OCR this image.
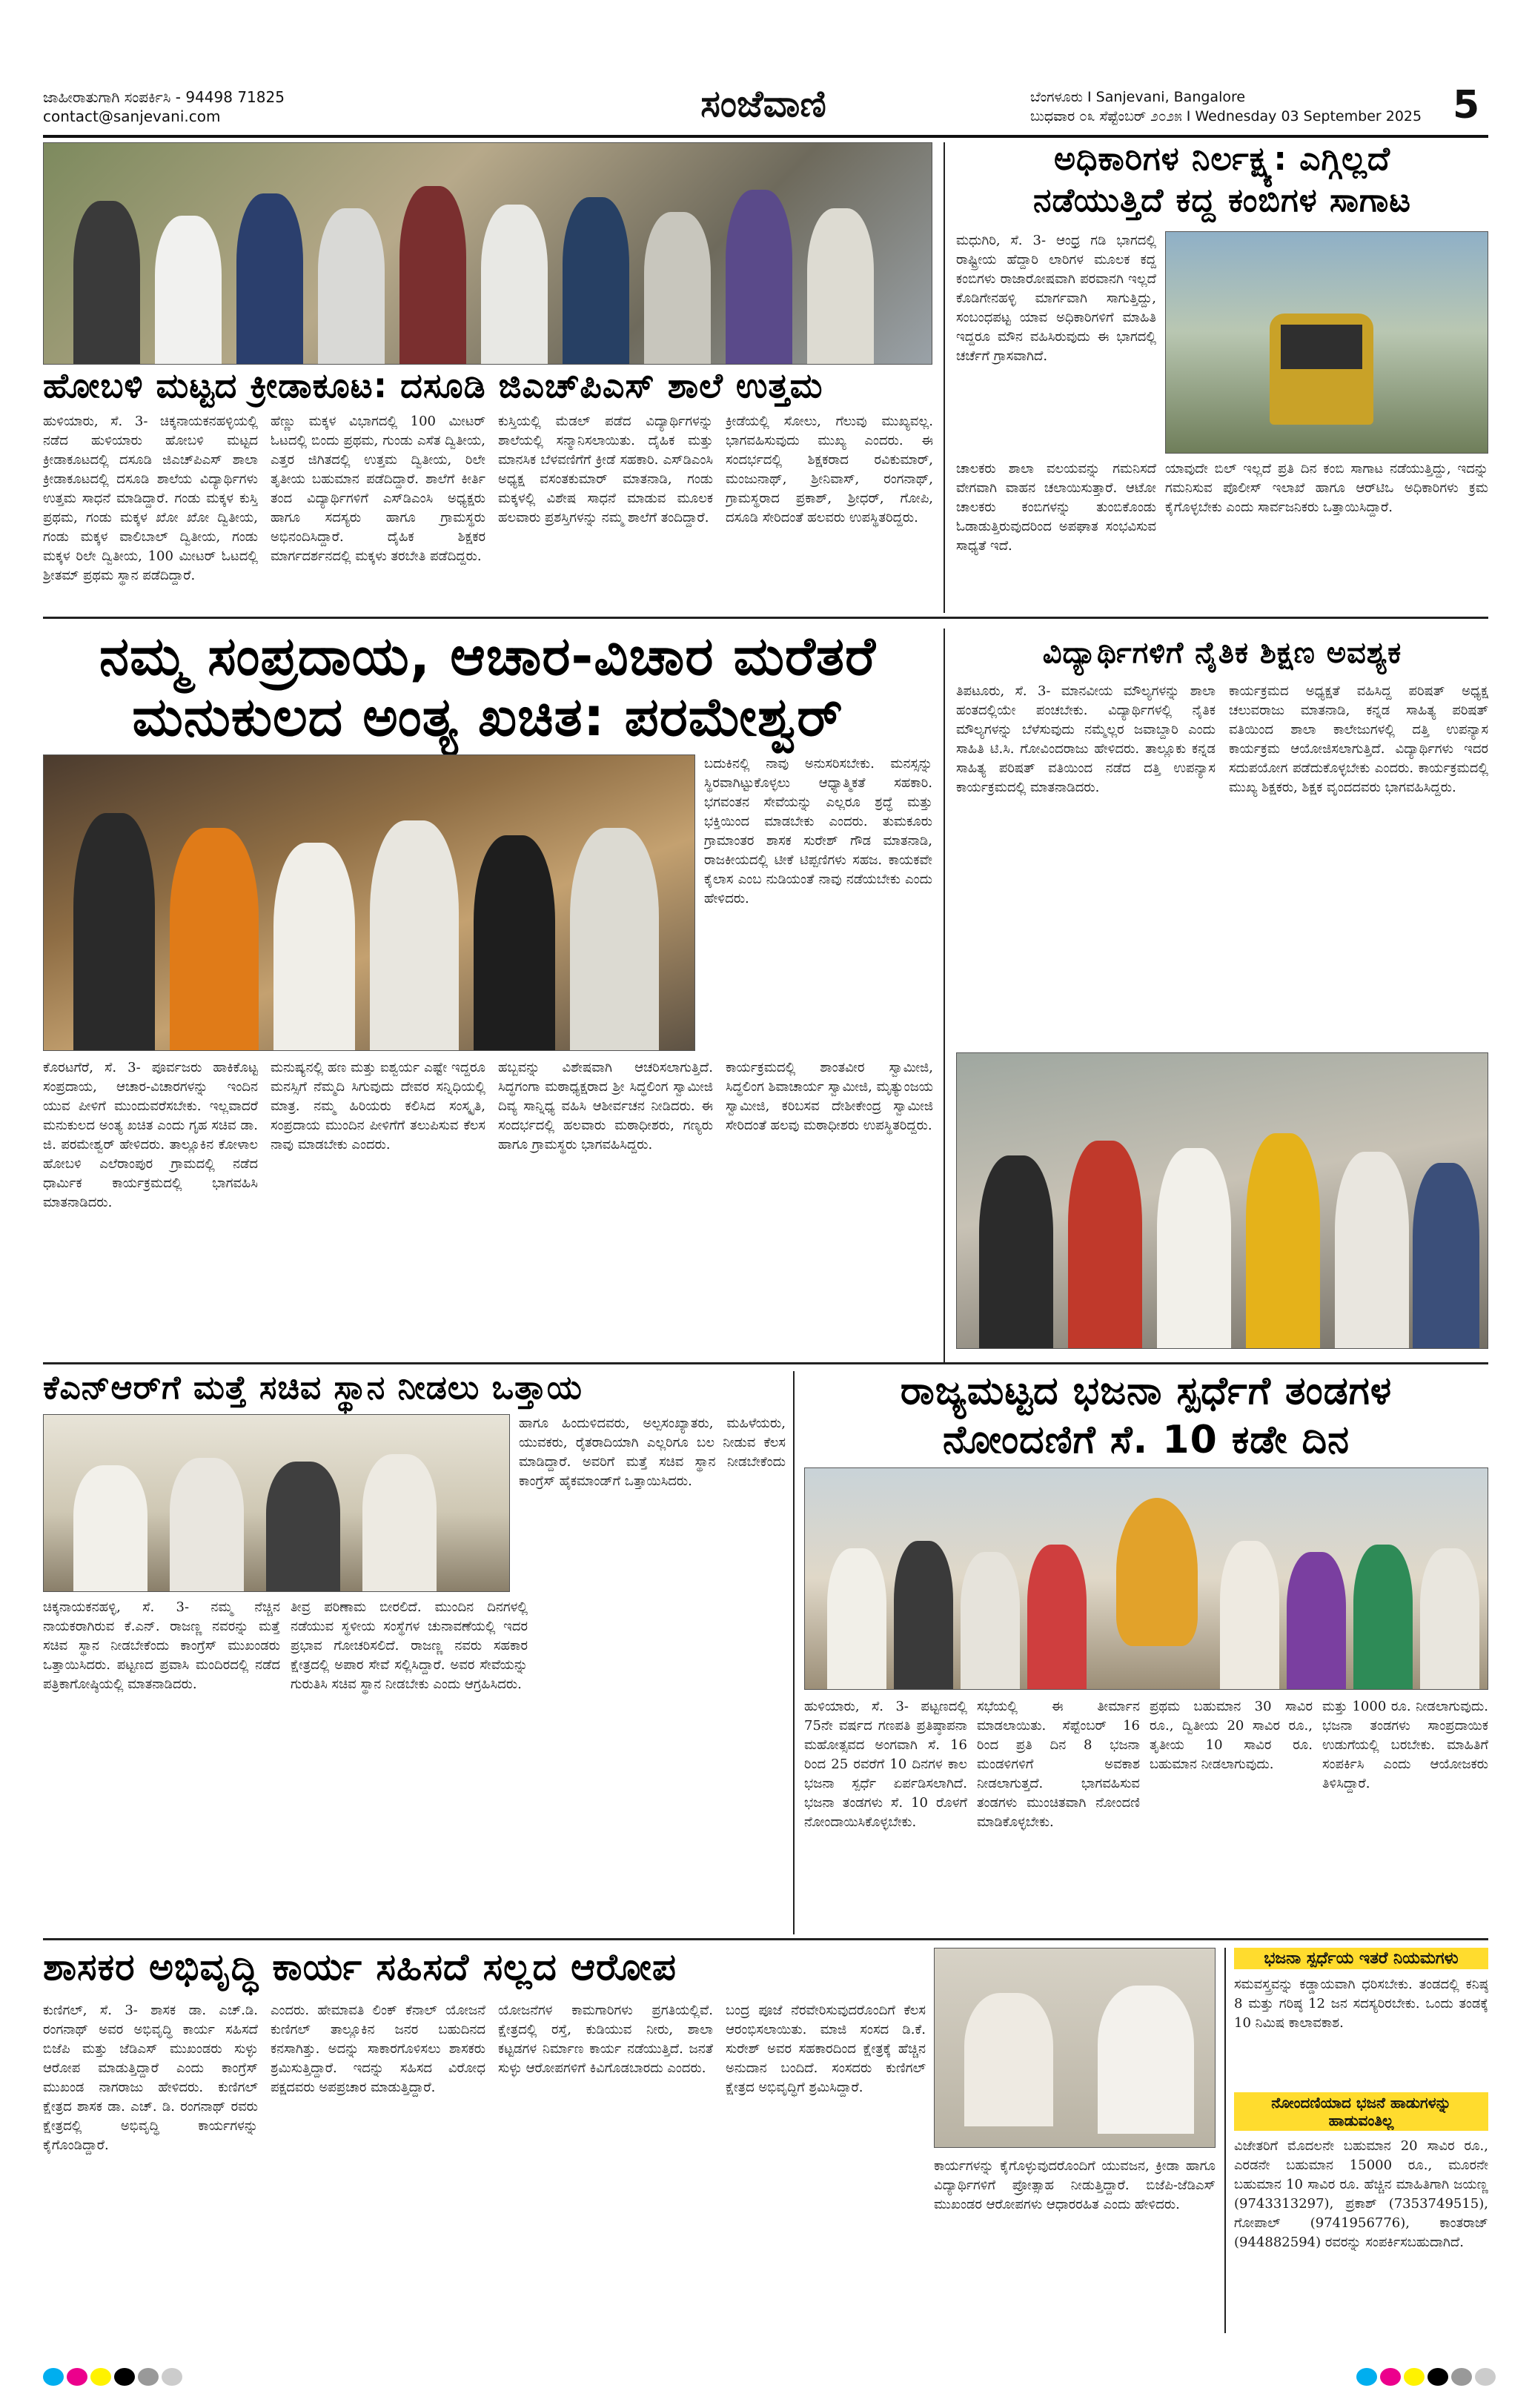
ಜಾಹೀರಾತುಗಾಗಿ ಸಂಪರ್ಕಿಸಿ - 94498 71825
contact@sanjevani.com	ಸಂಜೆವಾಣಿ	ಬೆಂಗಳೂರು I Sanjevani, Bangalore
ಬುಧವಾರ ೦೩ ಸೆಪ್ಟೆಂಬರ್ ೨೦೨೫ I Wednesday 03 September 2025 5
ಹೋಬಳಿ ಮಟ್ಟದ ಕ್ರೀಡಾಕೂಟ: ದಸೂಡಿ ಜಿಎಚ್‌ಪಿಎಸ್ ಶಾಲೆ ಉತ್ತಮ
ಹುಳಿಯಾರು, ಸೆ. 3- ಚಿಕ್ಕನಾಯಕನಹಳ್ಳಿಯಲ್ಲಿ ನಡೆದ ಹುಳಿಯಾರು ಹೋಬಳಿ ಮಟ್ಟದ ಕ್ರೀಡಾಕೂಟದಲ್ಲಿ ದಸೂಡಿ ಜಿಎಚ್‌ಪಿಎಸ್ ಶಾಲಾ ಕ್ರೀಡಾಕೂಟದಲ್ಲಿ ದಸೂಡಿ ಶಾಲೆಯ ವಿದ್ಯಾರ್ಥಿಗಳು ಉತ್ತಮ ಸಾಧನೆ ಮಾಡಿದ್ದಾರೆ. ಗಂಡು ಮಕ್ಕಳ ಕುಸ್ತಿ ಪ್ರಥಮ, ಗಂಡು ಮಕ್ಕಳ ಖೋ ಖೋ ದ್ವಿತೀಯ, ಗಂಡು ಮಕ್ಕಳ ವಾಲಿಬಾಲ್ ದ್ವಿತೀಯ, ಗಂಡು ಮಕ್ಕಳ ರಿಲೇ ದ್ವಿತೀಯ, 100 ಮೀಟರ್ ಓಟದಲ್ಲಿ ಶ್ರೀತಮ್ ಪ್ರಥಮ ಸ್ಥಾನ ಪಡೆದಿದ್ದಾರೆ.
ಹೆಣ್ಣು ಮಕ್ಕಳ ವಿಭಾಗದಲ್ಲಿ 100 ಮೀಟರ್ ಓಟದಲ್ಲಿ ಬಿಂದು ಪ್ರಥಮ, ಗುಂಡು ಎಸೆತ ದ್ವಿತೀಯ, ಎತ್ತರ ಜಿಗಿತದಲ್ಲಿ ಉತ್ತಮ ದ್ವಿತೀಯ, ರಿಲೇ ತೃತೀಯ ಬಹುಮಾನ ಪಡೆದಿದ್ದಾರೆ. ಶಾಲೆಗೆ ಕೀರ್ತಿ ತಂದ ವಿದ್ಯಾರ್ಥಿಗಳಿಗೆ ಎಸ್‌ಡಿಎಂಸಿ ಅಧ್ಯಕ್ಷರು ಹಾಗೂ ಸದಸ್ಯರು ಹಾಗೂ ಗ್ರಾಮಸ್ಥರು ಅಭಿನಂದಿಸಿದ್ದಾರೆ. ದೈಹಿಕ ಶಿಕ್ಷಕರ ಮಾರ್ಗದರ್ಶನದಲ್ಲಿ ಮಕ್ಕಳು ತರಬೇತಿ ಪಡೆದಿದ್ದರು.
ಕುಸ್ತಿಯಲ್ಲಿ ಮೆಡಲ್ ಪಡೆದ ವಿದ್ಯಾರ್ಥಿಗಳನ್ನು ಶಾಲೆಯಲ್ಲಿ ಸನ್ಮಾನಿಸಲಾಯಿತು. ದೈಹಿಕ ಮತ್ತು ಮಾನಸಿಕ ಬೆಳವಣಿಗೆಗೆ ಕ್ರೀಡೆ ಸಹಕಾರಿ. ಎಸ್‌ಡಿಎಂಸಿ ಅಧ್ಯಕ್ಷ ವಸಂತಕುಮಾರ್ ಮಾತನಾಡಿ, ಗಂಡು ಮಕ್ಕಳಲ್ಲಿ ವಿಶೇಷ ಸಾಧನೆ ಮಾಡುವ ಮೂಲಕ ಹಲವಾರು ಪ್ರಶಸ್ತಿಗಳನ್ನು ನಮ್ಮ ಶಾಲೆಗೆ ತಂದಿದ್ದಾರೆ.
ಕ್ರೀಡೆಯಲ್ಲಿ ಸೋಲು, ಗೆಲುವು ಮುಖ್ಯವಲ್ಲ. ಭಾಗವಹಿಸುವುದು ಮುಖ್ಯ ಎಂದರು. ಈ ಸಂದರ್ಭದಲ್ಲಿ ಶಿಕ್ಷಕರಾದ ರವಿಕುಮಾರ್, ಮಂಜುನಾಥ್, ಶ್ರೀನಿವಾಸ್, ರಂಗನಾಥ್, ಗ್ರಾಮಸ್ಥರಾದ ಪ್ರಕಾಶ್, ಶ್ರೀಧರ್, ಗೋಪಿ, ದಸೂಡಿ ಸೇರಿದಂತೆ ಹಲವರು ಉಪಸ್ಥಿತರಿದ್ದರು.
ಅಧಿಕಾರಿಗಳ ನಿರ್ಲಕ್ಷ್ಯ: ಎಗ್ಗಿಲ್ಲದೆ
ನಡೆಯುತ್ತಿದೆ ಕದ್ದ ಕಂಬಿಗಳ ಸಾಗಾಟ
ಮಧುಗಿರಿ, ಸೆ. 3- ಆಂಧ್ರ ಗಡಿ ಭಾಗದಲ್ಲಿ ರಾಷ್ಟ್ರೀಯ ಹೆದ್ದಾರಿ ಲಾರಿಗಳ ಮೂಲಕ ಕದ್ದ ಕಂಬಿಗಳು ರಾಜಾರೋಷವಾಗಿ ಪರವಾನಗಿ ಇಲ್ಲದೆ ಕೊಡಿಗೇನಹಳ್ಳಿ ಮಾರ್ಗವಾಗಿ ಸಾಗುತ್ತಿದ್ದು, ಸಂಬಂಧಪಟ್ಟ ಯಾವ ಅಧಿಕಾರಿಗಳಿಗೆ ಮಾಹಿತಿ ಇದ್ದರೂ ಮೌನ ವಹಿಸಿರುವುದು ಈ ಭಾಗದಲ್ಲಿ ಚರ್ಚೆಗೆ ಗ್ರಾಸವಾಗಿದೆ.
ಚಾಲಕರು ಶಾಲಾ ವಲಯವನ್ನು ಗಮನಿಸದೆ ವೇಗವಾಗಿ ವಾಹನ ಚಲಾಯಿಸುತ್ತಾರೆ. ಆಟೋ ಚಾಲಕರು ಕಂಬಿಗಳನ್ನು ತುಂಬಿಕೊಂಡು ಓಡಾಡುತ್ತಿರುವುದರಿಂದ ಅಪಘಾತ ಸಂಭವಿಸುವ ಸಾಧ್ಯತೆ ಇದೆ.
ಯಾವುದೇ ಬಿಲ್ ಇಲ್ಲದೆ ಪ್ರತಿ ದಿನ ಕಂಬಿ ಸಾಗಾಟ ನಡೆಯುತ್ತಿದ್ದು, ಇದನ್ನು ಗಮನಿಸುವ ಪೊಲೀಸ್ ಇಲಾಖೆ ಹಾಗೂ ಆರ್‌ಟಿಒ ಅಧಿಕಾರಿಗಳು ಕ್ರಮ ಕೈಗೊಳ್ಳಬೇಕು ಎಂದು ಸಾರ್ವಜನಿಕರು ಒತ್ತಾಯಿಸಿದ್ದಾರೆ.
ನಮ್ಮ ಸಂಪ್ರದಾಯ, ಆಚಾರ-ವಿಚಾರ ಮರೆತರೆ
ಮನುಕುಲದ ಅಂತ್ಯ ಖಚಿತ: ಪರಮೇಶ್ವರ್
ಬದುಕಿನಲ್ಲಿ ನಾವು ಅನುಸರಿಸಬೇಕು. ಮನಸ್ಸನ್ನು ಸ್ಥಿರವಾಗಿಟ್ಟುಕೊಳ್ಳಲು ಆಧ್ಯಾತ್ಮಿಕತೆ ಸಹಕಾರಿ. ಭಗವಂತನ ಸೇವೆಯನ್ನು ಎಲ್ಲರೂ ಶ್ರದ್ಧೆ ಮತ್ತು ಭಕ್ತಿಯಿಂದ ಮಾಡಬೇಕು ಎಂದರು. ತುಮಕೂರು ಗ್ರಾಮಾಂತರ ಶಾಸಕ ಸುರೇಶ್ ಗೌಡ ಮಾತನಾಡಿ, ರಾಜಕೀಯದಲ್ಲಿ ಟೀಕೆ ಟಿಪ್ಪಣಿಗಳು ಸಹಜ. ಕಾಯಕವೇ ಕೈಲಾಸ ಎಂಬ ನುಡಿಯಂತೆ ನಾವು ನಡೆಯಬೇಕು ಎಂದು ಹೇಳಿದರು.
ಕೊರಟಗೆರೆ, ಸೆ. 3- ಪೂರ್ವಜರು ಹಾಕಿಕೊಟ್ಟ ಸಂಪ್ರದಾಯ, ಆಚಾರ-ವಿಚಾರಗಳನ್ನು ಇಂದಿನ ಯುವ ಪೀಳಿಗೆ ಮುಂದುವರೆಸಬೇಕು. ಇಲ್ಲವಾದರೆ ಮನುಕುಲದ ಅಂತ್ಯ ಖಚಿತ ಎಂದು ಗೃಹ ಸಚಿವ ಡಾ. ಜಿ. ಪರಮೇಶ್ವರ್ ಹೇಳಿದರು. ತಾಲ್ಲೂಕಿನ ಕೋಳಾಲ ಹೋಬಳಿ ಎಲೆರಾಂಪುರ ಗ್ರಾಮದಲ್ಲಿ ನಡೆದ ಧಾರ್ಮಿಕ ಕಾರ್ಯಕ್ರಮದಲ್ಲಿ ಭಾಗವಹಿಸಿ ಮಾತನಾಡಿದರು.
ಮನುಷ್ಯನಲ್ಲಿ ಹಣ ಮತ್ತು ಐಶ್ವರ್ಯ ಎಷ್ಟೇ ಇದ್ದರೂ ಮನಸ್ಸಿಗೆ ನೆಮ್ಮದಿ ಸಿಗುವುದು ದೇವರ ಸನ್ನಿಧಿಯಲ್ಲಿ ಮಾತ್ರ. ನಮ್ಮ ಹಿರಿಯರು ಕಲಿಸಿದ ಸಂಸ್ಕೃತಿ, ಸಂಪ್ರದಾಯ ಮುಂದಿನ ಪೀಳಿಗೆಗೆ ತಲುಪಿಸುವ ಕೆಲಸ ನಾವು ಮಾಡಬೇಕು ಎಂದರು.
ಹಬ್ಬವನ್ನು ವಿಶೇಷವಾಗಿ ಆಚರಿಸಲಾಗುತ್ತಿದೆ. ಸಿದ್ಧಗಂಗಾ ಮಠಾಧ್ಯಕ್ಷರಾದ ಶ್ರೀ ಸಿದ್ಧಲಿಂಗ ಸ್ವಾಮೀಜಿ ದಿವ್ಯ ಸಾನ್ನಿಧ್ಯ ವಹಿಸಿ ಆಶೀರ್ವಚನ ನೀಡಿದರು. ಈ ಸಂದರ್ಭದಲ್ಲಿ ಹಲವಾರು ಮಠಾಧೀಶರು, ಗಣ್ಯರು ಹಾಗೂ ಗ್ರಾಮಸ್ಥರು ಭಾಗವಹಿಸಿದ್ದರು.
ಕಾರ್ಯಕ್ರಮದಲ್ಲಿ ಶಾಂತವೀರ ಸ್ವಾಮೀಜಿ, ಸಿದ್ಧಲಿಂಗ ಶಿವಾಚಾರ್ಯ ಸ್ವಾಮೀಜಿ, ಮೃತ್ಯುಂಜಯ ಸ್ವಾಮೀಜಿ, ಕರಿಬಸವ ದೇಶೀಕೇಂದ್ರ ಸ್ವಾಮೀಜಿ ಸೇರಿದಂತೆ ಹಲವು ಮಠಾಧೀಶರು ಉಪಸ್ಥಿತರಿದ್ದರು.
ವಿದ್ಯಾರ್ಥಿಗಳಿಗೆ ನೈತಿಕ ಶಿಕ್ಷಣ ಅವಶ್ಯಕ
ತಿಪಟೂರು, ಸೆ. 3- ಮಾನವೀಯ ಮೌಲ್ಯಗಳನ್ನು ಶಾಲಾ ಹಂತದಲ್ಲಿಯೇ ಪಂಚಬೇಕು. ವಿದ್ಯಾರ್ಥಿಗಳಲ್ಲಿ ನೈತಿಕ ಮೌಲ್ಯಗಳನ್ನು ಬೆಳೆಸುವುದು ನಮ್ಮೆಲ್ಲರ ಜವಾಬ್ದಾರಿ ಎಂದು ಸಾಹಿತಿ ಟಿ.ಸಿ. ಗೋವಿಂದರಾಜು ಹೇಳಿದರು. ತಾಲ್ಲೂಕು ಕನ್ನಡ ಸಾಹಿತ್ಯ ಪರಿಷತ್ ವತಿಯಿಂದ ನಡೆದ ದತ್ತಿ ಉಪನ್ಯಾಸ ಕಾರ್ಯಕ್ರಮದಲ್ಲಿ ಮಾತನಾಡಿದರು.
ಕಾರ್ಯಕ್ರಮದ ಅಧ್ಯಕ್ಷತೆ ವಹಿಸಿದ್ದ ಪರಿಷತ್ ಅಧ್ಯಕ್ಷ ಚಲುವರಾಜು ಮಾತನಾಡಿ, ಕನ್ನಡ ಸಾಹಿತ್ಯ ಪರಿಷತ್ ವತಿಯಿಂದ ಶಾಲಾ ಕಾಲೇಜುಗಳಲ್ಲಿ ದತ್ತಿ ಉಪನ್ಯಾಸ ಕಾರ್ಯಕ್ರಮ ಆಯೋಜಿಸಲಾಗುತ್ತಿದೆ. ವಿದ್ಯಾರ್ಥಿಗಳು ಇದರ ಸದುಪಯೋಗ ಪಡೆದುಕೊಳ್ಳಬೇಕು ಎಂದರು. ಕಾರ್ಯಕ್ರಮದಲ್ಲಿ ಮುಖ್ಯ ಶಿಕ್ಷಕರು, ಶಿಕ್ಷಕ ವೃಂದದವರು ಭಾಗವಹಿಸಿದ್ದರು.
ಕೆಎನ್‌ಆರ್‌ಗೆ ಮತ್ತೆ ಸಚಿವ ಸ್ಥಾನ ನೀಡಲು ಒತ್ತಾಯ
ಹಾಗೂ ಹಿಂದುಳಿದವರು, ಅಲ್ಪಸಂಖ್ಯಾತರು, ಮಹಿಳೆಯರು, ಯುವಕರು, ರೈತರಾದಿಯಾಗಿ ಎಲ್ಲರಿಗೂ ಬಲ ನೀಡುವ ಕೆಲಸ ಮಾಡಿದ್ದಾರೆ. ಅವರಿಗೆ ಮತ್ತೆ ಸಚಿವ ಸ್ಥಾನ ನೀಡಬೇಕೆಂದು ಕಾಂಗ್ರೆಸ್ ಹೈಕಮಾಂಡ್‌ಗೆ ಒತ್ತಾಯಿಸಿದರು.
ಚಿಕ್ಕನಾಯಕನಹಳ್ಳಿ, ಸೆ. 3- ನಮ್ಮ ನೆಚ್ಚಿನ ನಾಯಕರಾಗಿರುವ ಕೆ.ಎನ್. ರಾಜಣ್ಣ ನವರನ್ನು ಮತ್ತೆ ಸಚಿವ ಸ್ಥಾನ ನೀಡಬೇಕೆಂದು ಕಾಂಗ್ರೆಸ್ ಮುಖಂಡರು ಒತ್ತಾಯಿಸಿದರು. ಪಟ್ಟಣದ ಪ್ರವಾಸಿ ಮಂದಿರದಲ್ಲಿ ನಡೆದ ಪತ್ರಿಕಾಗೋಷ್ಠಿಯಲ್ಲಿ ಮಾತನಾಡಿದರು.
ತೀವ್ರ ಪರಿಣಾಮ ಬೀರಲಿದೆ. ಮುಂದಿನ ದಿನಗಳಲ್ಲಿ ನಡೆಯುವ ಸ್ಥಳೀಯ ಸಂಸ್ಥೆಗಳ ಚುನಾವಣೆಯಲ್ಲಿ ಇದರ ಪ್ರಭಾವ ಗೋಚರಿಸಲಿದೆ. ರಾಜಣ್ಣ ನವರು ಸಹಕಾರ ಕ್ಷೇತ್ರದಲ್ಲಿ ಅಪಾರ ಸೇವೆ ಸಲ್ಲಿಸಿದ್ದಾರೆ. ಅವರ ಸೇವೆಯನ್ನು ಗುರುತಿಸಿ ಸಚಿವ ಸ್ಥಾನ ನೀಡಬೇಕು ಎಂದು ಆಗ್ರಹಿಸಿದರು.
ರಾಜ್ಯಮಟ್ಟದ ಭಜನಾ ಸ್ಪರ್ಧೆಗೆ ತಂಡಗಳ
ನೋಂದಣಿಗೆ ಸೆ. 10 ಕಡೇ ದಿನ
ಹುಳಿಯಾರು, ಸೆ. 3- ಪಟ್ಟಣದಲ್ಲಿ 75ನೇ ವರ್ಷದ ಗಣಪತಿ ಪ್ರತಿಷ್ಠಾಪನಾ ಮಹೋತ್ಸವದ ಅಂಗವಾಗಿ ಸೆ. 16 ರಿಂದ 25 ರವರೆಗೆ 10 ದಿನಗಳ ಕಾಲ ಭಜನಾ ಸ್ಪರ್ಧೆ ಏರ್ಪಡಿಸಲಾಗಿದೆ. ಭಜನಾ ತಂಡಗಳು ಸೆ. 10 ರೊಳಗೆ ನೋಂದಾಯಿಸಿಕೊಳ್ಳಬೇಕು.
ಸಭೆಯಲ್ಲಿ ಈ ತೀರ್ಮಾನ ಮಾಡಲಾಯಿತು. ಸೆಪ್ಟೆಂಬರ್ 16 ರಿಂದ ಪ್ರತಿ ದಿನ 8 ಭಜನಾ ಮಂಡಳಿಗಳಿಗೆ ಅವಕಾಶ ನೀಡಲಾಗುತ್ತದೆ. ಭಾಗವಹಿಸುವ ತಂಡಗಳು ಮುಂಚಿತವಾಗಿ ನೋಂದಣಿ ಮಾಡಿಕೊಳ್ಳಬೇಕು.
ಪ್ರಥಮ ಬಹುಮಾನ 30 ಸಾವಿರ ರೂ., ದ್ವಿತೀಯ 20 ಸಾವಿರ ರೂ., ತೃತೀಯ 10 ಸಾವಿರ ರೂ. ಬಹುಮಾನ ನೀಡಲಾಗುವುದು.
ಮತ್ತು 1000 ರೂ. ನೀಡಲಾಗುವುದು. ಭಜನಾ ತಂಡಗಳು ಸಾಂಪ್ರದಾಯಿಕ ಉಡುಗೆಯಲ್ಲಿ ಬರಬೇಕು. ಮಾಹಿತಿಗೆ ಸಂಪರ್ಕಿಸಿ ಎಂದು ಆಯೋಜಕರು ತಿಳಿಸಿದ್ದಾರೆ.
ಶಾಸಕರ ಅಭಿವೃದ್ಧಿ ಕಾರ್ಯ ಸಹಿಸದೆ ಸಲ್ಲದ ಆರೋಪ
ಕುಣಿಗಲ್, ಸೆ. 3- ಶಾಸಕ ಡಾ. ಎಚ್.ಡಿ. ರಂಗನಾಥ್ ಅವರ ಅಭಿವೃದ್ಧಿ ಕಾರ್ಯ ಸಹಿಸದೆ ಬಿಜೆಪಿ ಮತ್ತು ಜೆಡಿಎಸ್ ಮುಖಂಡರು ಸುಳ್ಳು ಆರೋಪ ಮಾಡುತ್ತಿದ್ದಾರೆ ಎಂದು ಕಾಂಗ್ರೆಸ್ ಮುಖಂಡ ನಾಗರಾಜು ಹೇಳಿದರು. ಕುಣಿಗಲ್ ಕ್ಷೇತ್ರದ ಶಾಸಕ ಡಾ. ಎಚ್. ಡಿ. ರಂಗನಾಥ್ ರವರು ಕ್ಷೇತ್ರದಲ್ಲಿ ಅಭಿವೃದ್ಧಿ ಕಾರ್ಯಗಳನ್ನು ಕೈಗೊಂಡಿದ್ದಾರೆ.
ಎಂದರು. ಹೇಮಾವತಿ ಲಿಂಕ್ ಕೆನಾಲ್ ಯೋಜನೆ ಕುಣಿಗಲ್ ತಾಲ್ಲೂಕಿನ ಜನರ ಬಹುದಿನದ ಕನಸಾಗಿತ್ತು. ಅದನ್ನು ಸಾಕಾರಗೊಳಿಸಲು ಶಾಸಕರು ಶ್ರಮಿಸುತ್ತಿದ್ದಾರೆ. ಇದನ್ನು ಸಹಿಸದ ವಿರೋಧ ಪಕ್ಷದವರು ಅಪಪ್ರಚಾರ ಮಾಡುತ್ತಿದ್ದಾರೆ.
ಯೋಜನೆಗಳ ಕಾಮಗಾರಿಗಳು ಪ್ರಗತಿಯಲ್ಲಿವೆ. ಕ್ಷೇತ್ರದಲ್ಲಿ ರಸ್ತೆ, ಕುಡಿಯುವ ನೀರು, ಶಾಲಾ ಕಟ್ಟಡಗಳ ನಿರ್ಮಾಣ ಕಾರ್ಯ ನಡೆಯುತ್ತಿದೆ. ಜನತೆ ಸುಳ್ಳು ಆರೋಪಗಳಿಗೆ ಕಿವಿಗೊಡಬಾರದು ಎಂದರು.
ಬಂದ್ರ ಪೂಜೆ ನೆರವೇರಿಸುವುದರೊಂದಿಗೆ ಕೆಲಸ ಆರಂಭಿಸಲಾಯಿತು. ಮಾಜಿ ಸಂಸದ ಡಿ.ಕೆ. ಸುರೇಶ್ ಅವರ ಸಹಕಾರದಿಂದ ಕ್ಷೇತ್ರಕ್ಕೆ ಹೆಚ್ಚಿನ ಅನುದಾನ ಬಂದಿದೆ. ಸಂಸದರು ಕುಣಿಗಲ್ ಕ್ಷೇತ್ರದ ಅಭಿವೃದ್ಧಿಗೆ ಶ್ರಮಿಸಿದ್ದಾರೆ.
ಕಾರ್ಯಗಳನ್ನು ಕೈಗೊಳ್ಳುವುದರೊಂದಿಗೆ ಯುವಜನ, ಕ್ರೀಡಾ ಹಾಗೂ ವಿದ್ಯಾರ್ಥಿಗಳಿಗೆ ಪ್ರೋತ್ಸಾಹ ನೀಡುತ್ತಿದ್ದಾರೆ. ಬಿಜೆಪಿ-ಜೆಡಿಎಸ್ ಮುಖಂಡರ ಆರೋಪಗಳು ಆಧಾರರಹಿತ ಎಂದು ಹೇಳಿದರು.
ಭಜನಾ ಸ್ಪರ್ಧೆಯ ಇತರೆ ನಿಯಮಗಳು
ಸಮವಸ್ತ್ರವನ್ನು ಕಡ್ಡಾಯವಾಗಿ ಧರಿಸಬೇಕು. ತಂಡದಲ್ಲಿ ಕನಿಷ್ಠ 8 ಮತ್ತು ಗರಿಷ್ಠ 12 ಜನ ಸದಸ್ಯರಿರಬೇಕು. ಒಂದು ತಂಡಕ್ಕೆ 10 ನಿಮಿಷ ಕಾಲಾವಕಾಶ.
ನೋಂದಣಿಯಾದ ಭಜನೆ ಹಾಡುಗಳನ್ನು ಹಾಡುವಂತಿಲ್ಲ
ವಿಜೇತರಿಗೆ ಮೊದಲನೇ ಬಹುಮಾನ 20 ಸಾವಿರ ರೂ., ಎರಡನೇ ಬಹುಮಾನ 15000 ರೂ., ಮೂರನೇ ಬಹುಮಾನ 10 ಸಾವಿರ ರೂ. ಹೆಚ್ಚಿನ ಮಾಹಿತಿಗಾಗಿ ಜಯಣ್ಣ (9743313297), ಪ್ರಕಾಶ್ (7353749515), ಗೋಪಾಲ್ (9741956776), ಕಾಂತರಾಜ್ (944882594) ರವರನ್ನು ಸಂಪರ್ಕಿಸಬಹುದಾಗಿದೆ.
